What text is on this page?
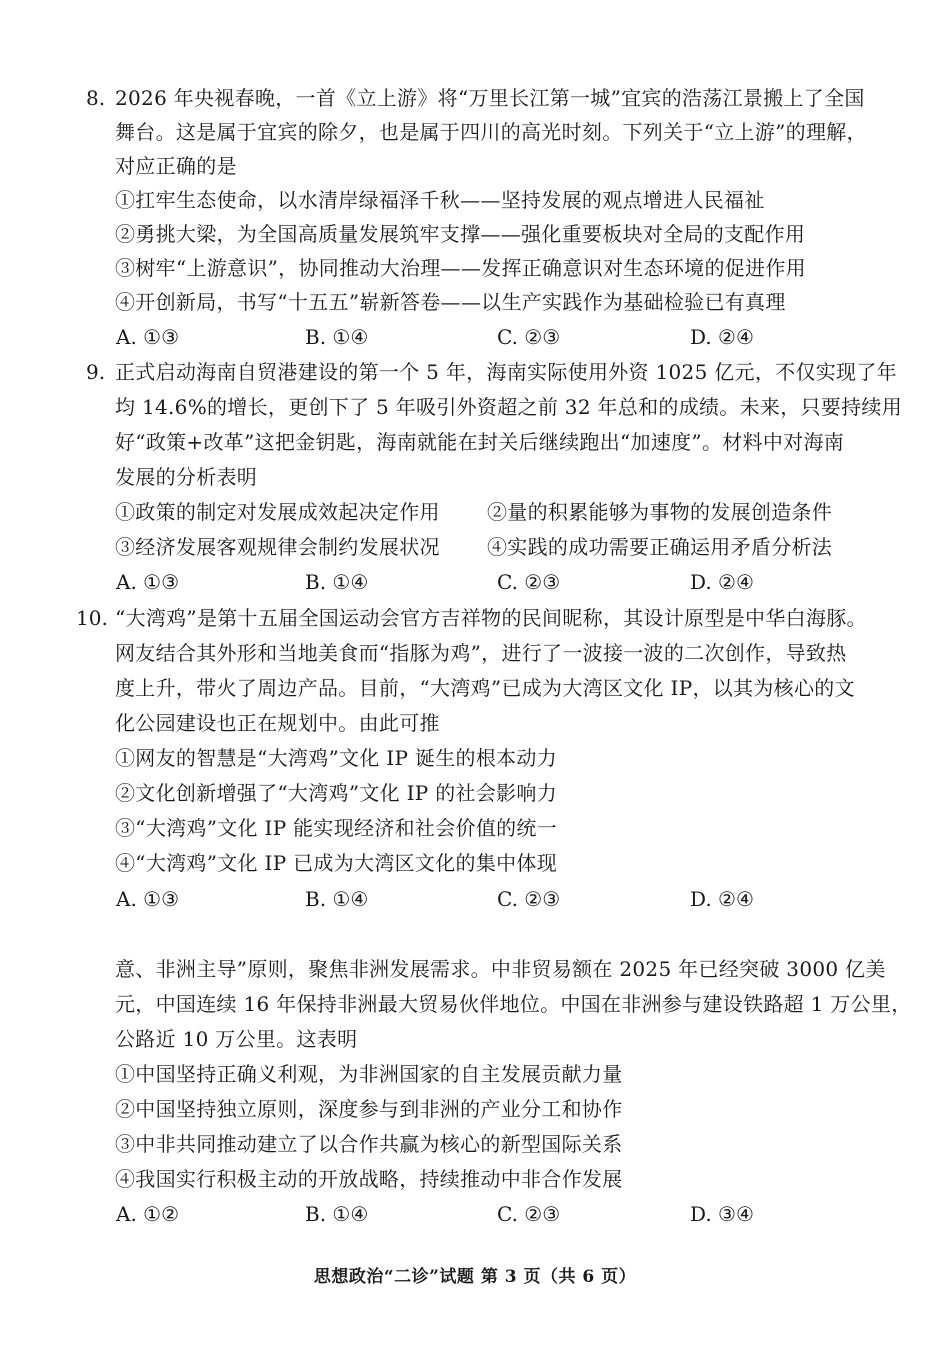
8. 2026 年央视春晚，一首《立上游》将“万里长江第一城”宜宾的浩荡江景搬上了全国
舞台。这是属于宜宾的除夕，也是属于四川的高光时刻。下列关于“立上游”的理解，
对应正确的是
①扛牢生态使命，以水清岸绿福泽千秋——坚持发展的观点增进人民福祉
②勇挑大梁，为全国高质量发展筑牢支撑——强化重要板块对全局的支配作用
③树牢“上游意识”，协同推动大治理——发挥正确意识对生态环境的促进作用
④开创新局，书写“十五五”崭新答卷——以生产实践作为基础检验已有真理
A. ①③	B. ①④	C. ②③	D. ②④
9. 正式启动海南自贸港建设的第一个 5 年，海南实际使用外资 1025 亿元，不仅实现了年
均 14.6%的增长，更创下了 5 年吸引外资超之前 32 年总和的成绩。未来，只要持续用
好“政策+改革”这把金钥匙，海南就能在封关后继续跑出“加速度”。材料中对海南
发展的分析表明
①政策的制定对发展成效起决定作用 ②量的积累能够为事物的发展创造条件
③经济发展客观规律会制约发展状况 ④实践的成功需要正确运用矛盾分析法
A. ①③	B. ①④	C. ②③	D. ②④
10. “大湾鸡”是第十五届全国运动会官方吉祥物的民间昵称，其设计原型是中华白海豚。
网友结合其外形和当地美食而“指豚为鸡”，进行了一波接一波的二次创作，导致热
度上升，带火了周边产品。目前，“大湾鸡”已成为大湾区文化 IP，以其为核心的文
化公园建设也正在规划中。由此可推
①网友的智慧是“大湾鸡”文化 IP 诞生的根本动力
②文化创新增强了“大湾鸡”文化 IP 的社会影响力
③“大湾鸡”文化 IP 能实现经济和社会价值的统一
④“大湾鸡”文化 IP 已成为大湾区文化的集中体现
A. ①③	B. ①④	C. ②③	D. ②④
意、非洲主导”原则，聚焦非洲发展需求。中非贸易额在 2025 年已经突破 3000 亿美
元，中国连续 16 年保持非洲最大贸易伙伴地位。中国在非洲参与建设铁路超 1 万公里，
公路近 10 万公里。这表明
①中国坚持正确义利观，为非洲国家的自主发展贡献力量
②中国坚持独立原则，深度参与到非洲的产业分工和协作
③中非共同推动建立了以合作共赢为核心的新型国际关系
④我国实行积极主动的开放战略，持续推动中非合作发展
A. ①②	B. ①④	C. ②③	D. ③④
思想政治“二诊”试题 第 3 页（共 6 页）
